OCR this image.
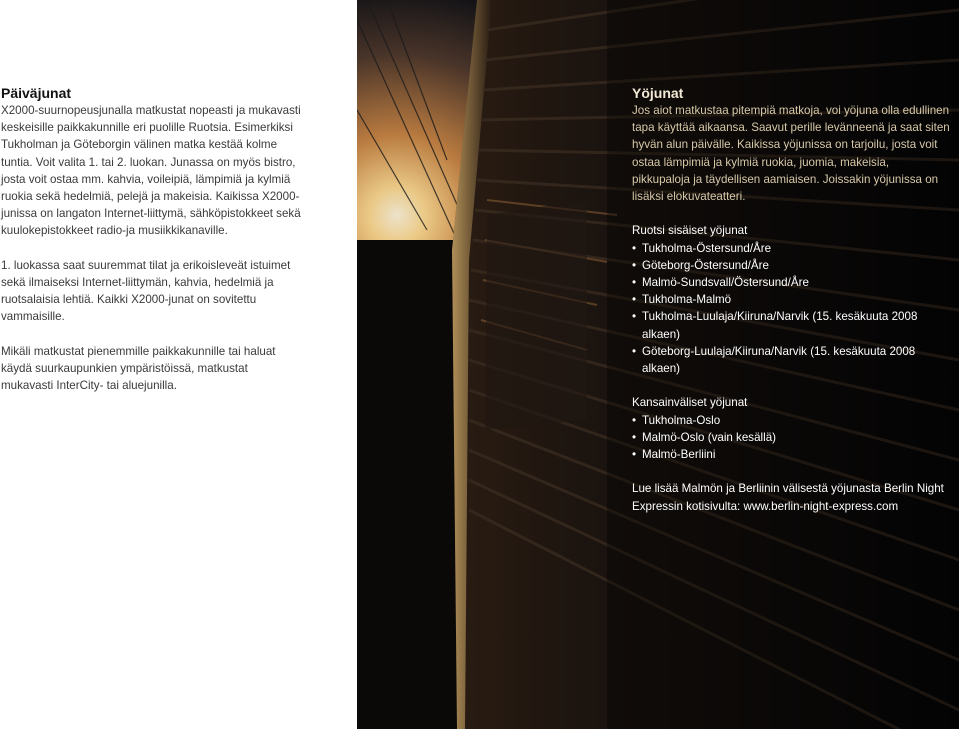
Päiväjunat

X2000-suurnopeusjunalla matkustat nopeasti ja mukavasti keskeisille paikkakunnille eri puolille Ruotsia. Esimerkiksi Tukholman ja Göteborgin välinen matka kestää kolme tuntia. Voit valita 1. tai 2. luokan. Junassa on myös bistro, josta voit ostaa mm. kahvia, voileipiä, lämpimiä ja kylmiä ruokia sekä hedelmiä, pelejä ja makeisia. Kaikissa X2000-junissa on langaton Internet-liittymä, sähköpistokkeet sekä kuulokepistokkeet radio-ja musiikkikanaville.

1. luokassa saat suuremmat tilat ja erikoisleveät istuimet sekä ilmaiseksi Internet-liittymän, kahvia, hedelmiä ja ruotsalaisia lehtiä. Kaikki X2000-junat on sovitettu vammaisille.

Mikäli matkustat pienemmille paikkakunnille tai haluat käydä suurkaupunkien ympäristöissä, matkustat mukavasti InterCity- tai aluejunilla.

Yöjunat

Jos aiot matkustaa pitempiä matkoja, voi yöjuna olla edullinen tapa käyttää aikaansa. Saavut perille levänneenä ja saat siten hyvän alun päivälle. Kaikissa yöjunissa on tarjoilu, josta voit ostaa lämpimiä ja kylmiä ruokia, juomia, makeisia, pikkupaloja ja täydellisen aamiaisen. Joissakin yöjunissa on lisäksi elokuvateatteri.

Ruotsi sisäiset yöjunat

• Tukholma-Östersund/Åre
• Göteborg-Östersund/Åre
• Malmö-Sundsvall/Östersund/Åre
• Tukholma-Malmö
• Tukholma-Luulaja/Kiiruna/Narvik (15. kesäkuuta 2008 alkaen)
• Göteborg-Luulaja/Kiiruna/Narvik (15. kesäkuuta 2008 alkaen)

Kansainväliset yöjunat

• Tukholma-Oslo
• Malmö-Oslo (vain kesällä)
• Malmö-Berliini

Lue lisää Malmön ja Berliinin välisestä yöjunasta Berlin Night Expressin kotisivulta: www.berlin-night-express.com
